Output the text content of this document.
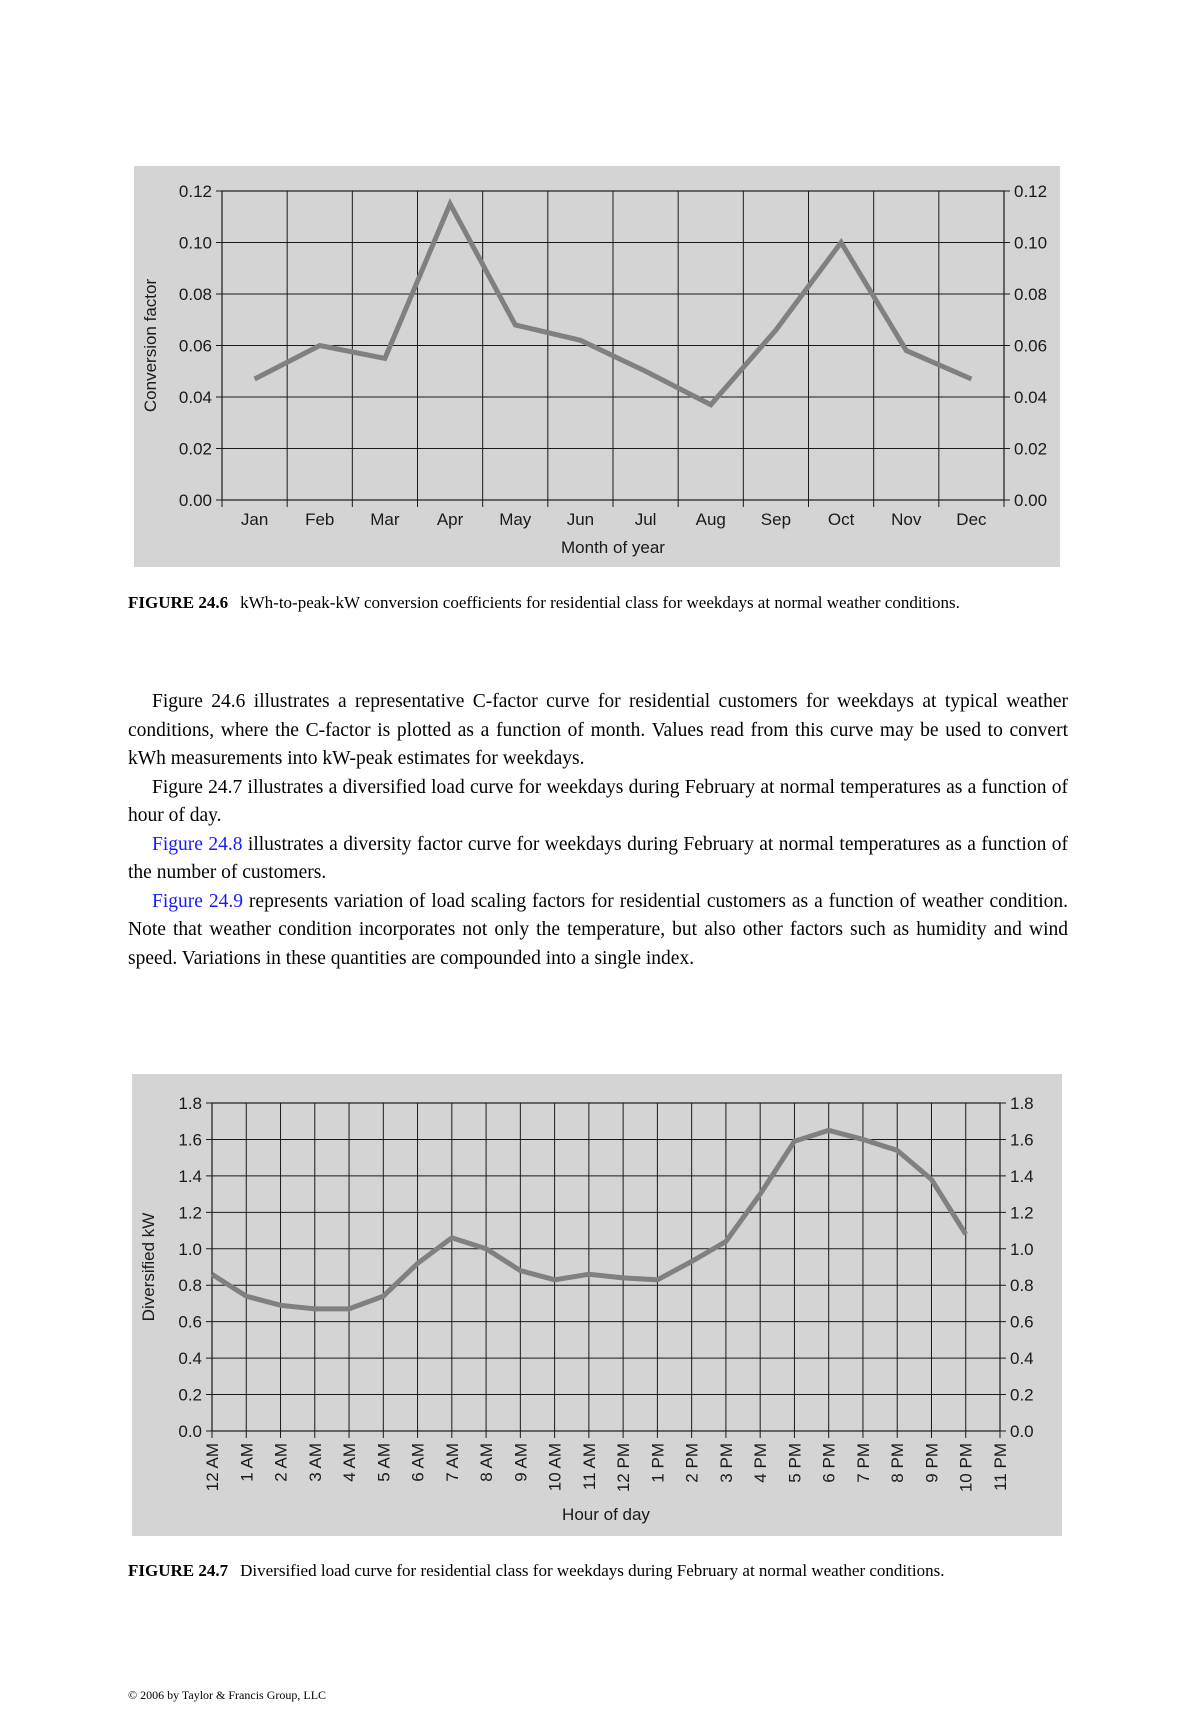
0.00	0.00
0.02	0.02
0.04	0.04
0.06	0.06
0.08	0.08
0.10	0.10
0.12	0.12
Jan Feb Mar Apr May Jun Jul Aug Sep Oct Nov Dec
Month of year
Conversion factor
FIGURE 24.6 kWh-to-peak-kW conversion coefficients for residential class for weekdays at normal weather conditions.

Figure 24.6 illustrates a representative C-factor curve for residential customers for weekdays at typical weather conditions, where the C-factor is plotted as a function of month. Values read from this curve may be used to convert kWh measurements into kW-peak estimates for weekdays.

Figure 24.7 illustrates a diversified load curve for weekdays during February at normal temperatures as a function of hour of day.

Figure 24.8 illustrates a diversity factor curve for weekdays during February at normal temperatures as a function of the number of customers.

Figure 24.9 represents variation of load scaling factors for residential customers as a function of weather condition. Note that weather condition incorporates not only the temperature, but also other factors such as humidity and wind speed. Variations in these quantities are compounded into a single index.

0.0	0.0
0.2	0.2
0.4	0.4
0.6	0.6
0.8	0.8
1.0	1.0
1.2	1.2
1.4	1.4
1.6	1.6
1.8	1.8
12 AM 1 AM 2 AM 3 AM 4 AM 5 AM 6 AM 7 AM 8 AM 9 AM 10 AM 11 AM 12 PM 1 PM 2 PM 3 PM 4 PM 5 PM 6 PM 7 PM 8 PM 9 PM 10 PM 11 PM
Hour of day
Diversified kW
FIGURE 24.7 Diversified load curve for residential class for weekdays during February at normal weather conditions.
© 2006 by Taylor & Francis Group, LLC
